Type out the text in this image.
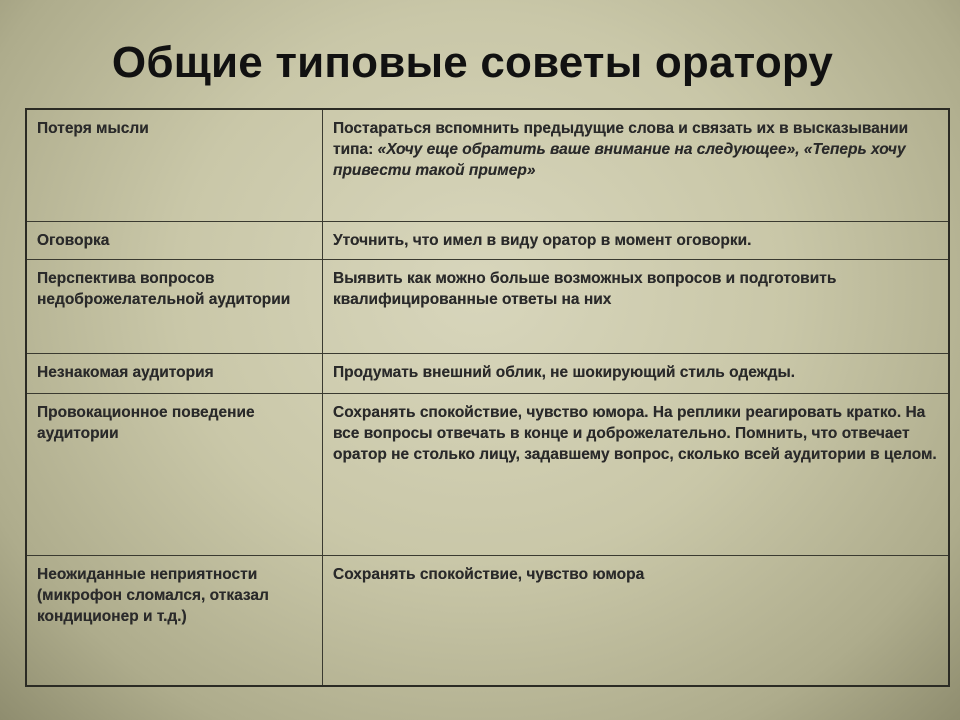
Общие типовые советы оратору
Потеря мысли	Постараться вспомнить предыдущие слова и связать их в высказывании типа: «Хочу еще обратить ваше внимание на следующее», «Теперь хочу привести такой пример»
Оговорка	Уточнить, что имел в виду оратор в момент оговорки.
Перспектива вопросов недоброжелательной аудитории	Выявить как можно больше возможных вопросов и подготовить квалифицированные ответы на них
Незнакомая аудитория	Продумать внешний облик, не шокирующий стиль одежды.
Провокационное поведение аудитории	Сохранять спокойствие, чувство юмора. На реплики реагировать кратко. На все вопросы отвечать в конце и доброжелательно. Помнить, что отвечает оратор не столько лицу, задавшему вопрос, сколько всей аудитории в целом.
Неожиданные неприятности (микрофон сломался, отказал кондиционер и т.д.)	Сохранять спокойствие, чувство юмора
